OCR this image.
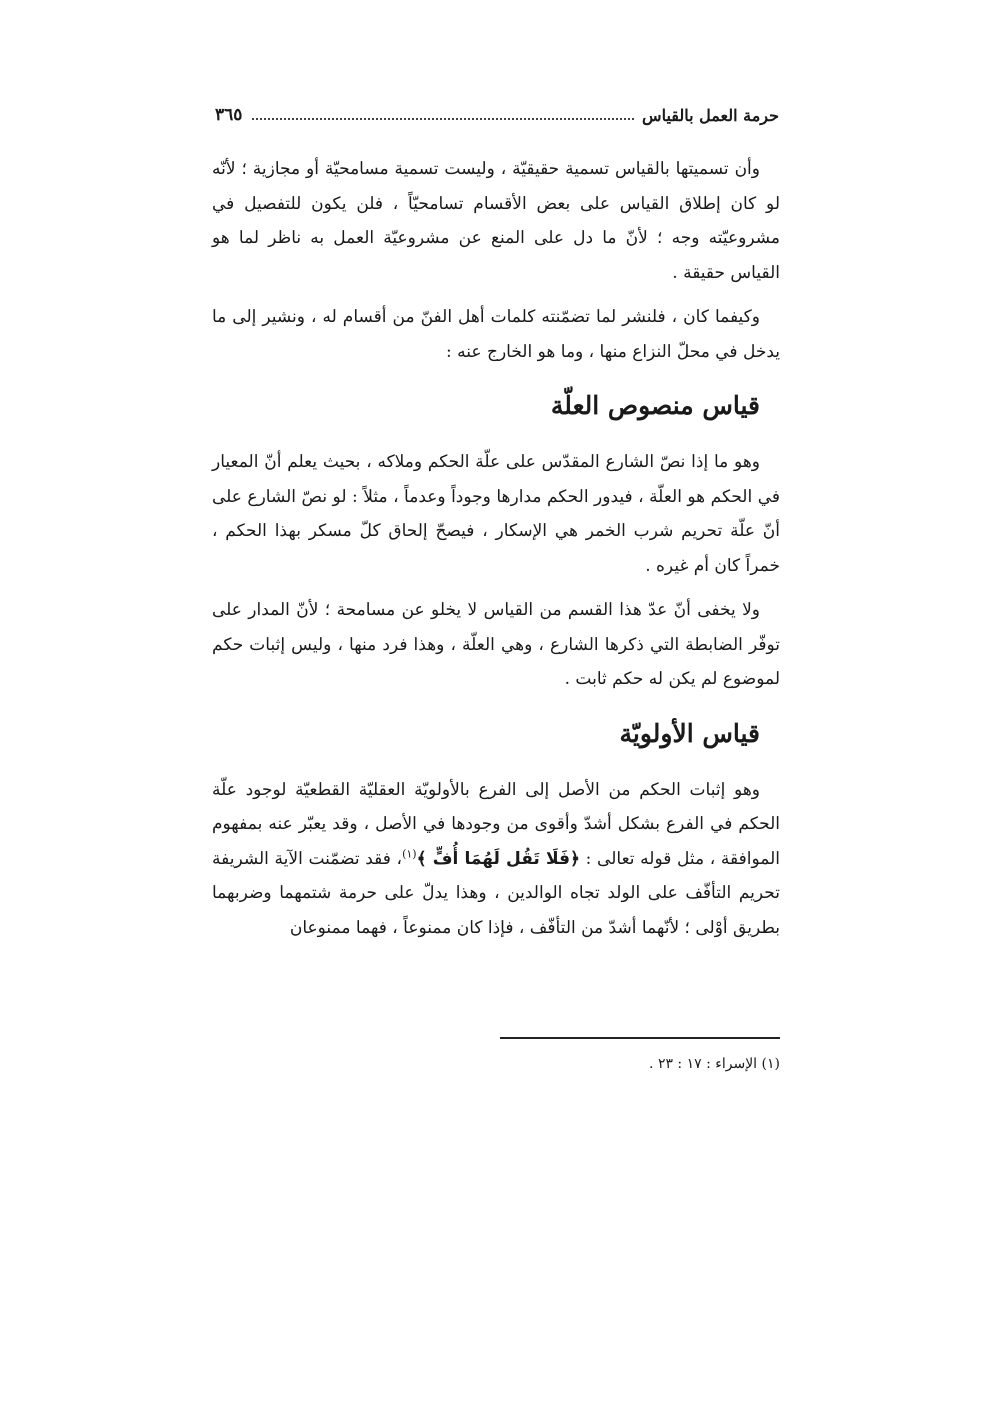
حرمة العمل بالقياس
٣٦٥

وأن تسميتها بالقياس تسمية حقيقيّة ، وليست تسمية مسامحيّة أو مجازية ؛ لأنّه لو كان إطلاق القياس على بعض الأقسام تسامحيّاً ، فلن يكون للتفصيل في مشروعيّته وجه ؛ لأنّ ما دل على المنع عن مشروعيّة العمل به ناظر لما هو القياس حقيقة .

وكيفما كان ، فلنشر لما تضمّنته كلمات أهل الفنّ من أقسام له ، ونشير إلى ما يدخل في محلّ النزاع منها ، وما هو الخارج عنه :

قياس منصوص العلّة

وهو ما إذا نصّ الشارع المقدّس على علّة الحكم وملاكه ، بحيث يعلم أنّ المعيار في الحكم هو العلّة ، فيدور الحكم مدارها وجوداً وعدماً ، مثلاً : لو نصّ الشارع على أنّ علّة تحريم شرب الخمر هي الإسكار ، فيصحّ إلحاق كلّ مسكر بهذا الحكم ، خمراً كان أم غيره .

ولا يخفى أنّ عدّ هذا القسم من القياس لا يخلو عن مسامحة ؛ لأنّ المدار على توفّر الضابطة التي ذكرها الشارع ، وهي العلّة ، وهذا فرد منها ، وليس إثبات حكم لموضوع لم يكن له حكم ثابت .

قياس الأولويّة

وهو إثبات الحكم من الأصل إلى الفرع بالأولويّة العقليّة القطعيّة لوجود علّة الحكم في الفرع بشكل أشدّ وأقوى من وجودها في الأصل ، وقد يعبّر عنه بمفهوم الموافقة ، مثل قوله تعالى : ﴿فَلَا تَقُل لَهُمَا أُفٍّ ﴾$^{(١)}$، فقد تضمّنت الآية الشريفة تحريم التأفّف على الولد تجاه الوالدين ، وهذا يدلّ على حرمة شتمهما وضربهما بطريق أوْلى ؛ لأنّهما أشدّ من التأفّف ، فإذا كان ممنوعاً ، فهما ممنوعان

(١) الإسراء : ١٧ : ٢٣ .
